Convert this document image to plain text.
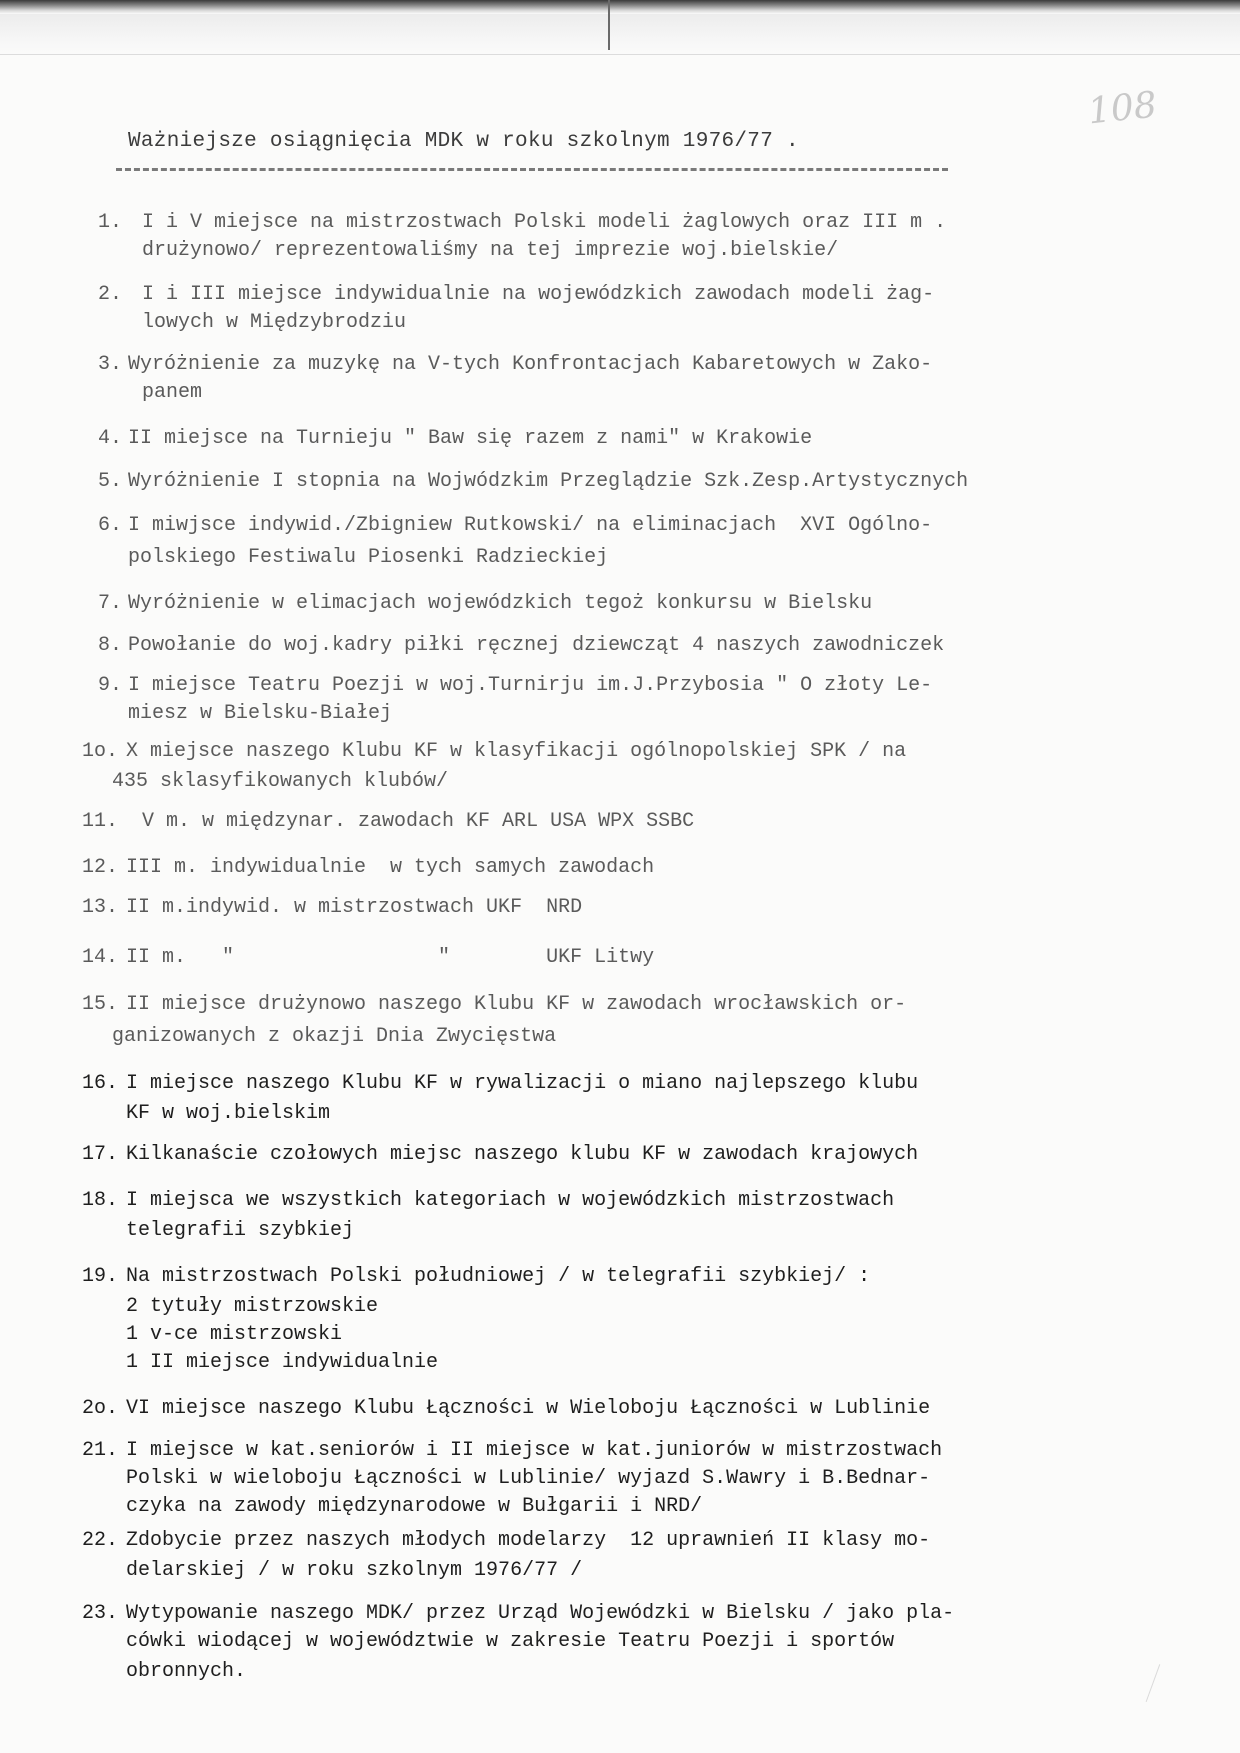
108
Ważniejsze osiągnięcia MDK w roku szkolnym 1976/77 .

1.

I i V miejsce na mistrzostwach Polski modeli żaglowych oraz III m .

drużynowo/ reprezentowaliśmy na tej imprezie woj.bielskie/

2.

I i III miejsce indywidualnie na wojewódzkich zawodach modeli żag-

lowych w Międzybrodziu

3.

Wyróżnienie za muzykę na V-tych Konfrontacjach Kabaretowych w Zako-

panem

4.

II miejsce na Turnieju " Baw się razem z nami" w Krakowie

5.

Wyróżnienie I stopnia na Wojwódzkim Przeglądzie Szk.Zesp.Artystycznych

6.

I miwjsce indywid./Zbigniew Rutkowski/ na eliminacjach  XVI Ogólno-

polskiego Festiwalu Piosenki Radzieckiej

7.

Wyróżnienie w elimacjach wojewódzkich tegoż konkursu w Bielsku

8.

Powołanie do woj.kadry piłki ręcznej dziewcząt 4 naszych zawodniczek

9.

I miejsce Teatru Poezji w woj.Turnirju im.J.Przybosia " O złoty Le-

miesz w Bielsku-Białej

1o.

X miejsce naszego Klubu KF w klasyfikacji ogólnopolskiej SPK / na

435 sklasyfikowanych klubów/

11.

V m. w międzynar. zawodach KF ARL USA WPX SSBC

12.

III m. indywidualnie  w tych samych zawodach

13.

II m.indywid. w mistrzostwach UKF  NRD

14.

II m.   "                 "        UKF Litwy

15.

II miejsce drużynowo naszego Klubu KF w zawodach wrocławskich or-

ganizowanych z okazji Dnia Zwycięstwa

16.

I miejsce naszego Klubu KF w rywalizacji o miano najlepszego klubu

KF w woj.bielskim

17.

Kilkanaście czołowych miejsc naszego klubu KF w zawodach krajowych

18.

I miejsca we wszystkich kategoriach w wojewódzkich mistrzostwach

telegrafii szybkiej

19.

Na mistrzostwach Polski południowej / w telegrafii szybkiej/ :

2 tytuły mistrzowskie

1 v-ce mistrzowski

1 II miejsce indywidualnie

2o.

VI miejsce naszego Klubu Łączności w Wieloboju Łączności w Lublinie

21.

I miejsce w kat.seniorów i II miejsce w kat.juniorów w mistrzostwach

Polski w wieloboju Łączności w Lublinie/ wyjazd S.Wawry i B.Bednar-

czyka na zawody międzynarodowe w Bułgarii i NRD/

22.

Zdobycie przez naszych młodych modelarzy  12 uprawnień II klasy mo-

delarskiej / w roku szkolnym 1976/77 /

23.

Wytypowanie naszego MDK/ przez Urząd Wojewódzki w Bielsku / jako pla-

cówki wiodącej w województwie w zakresie Teatru Poezji i sportów

obronnych.
